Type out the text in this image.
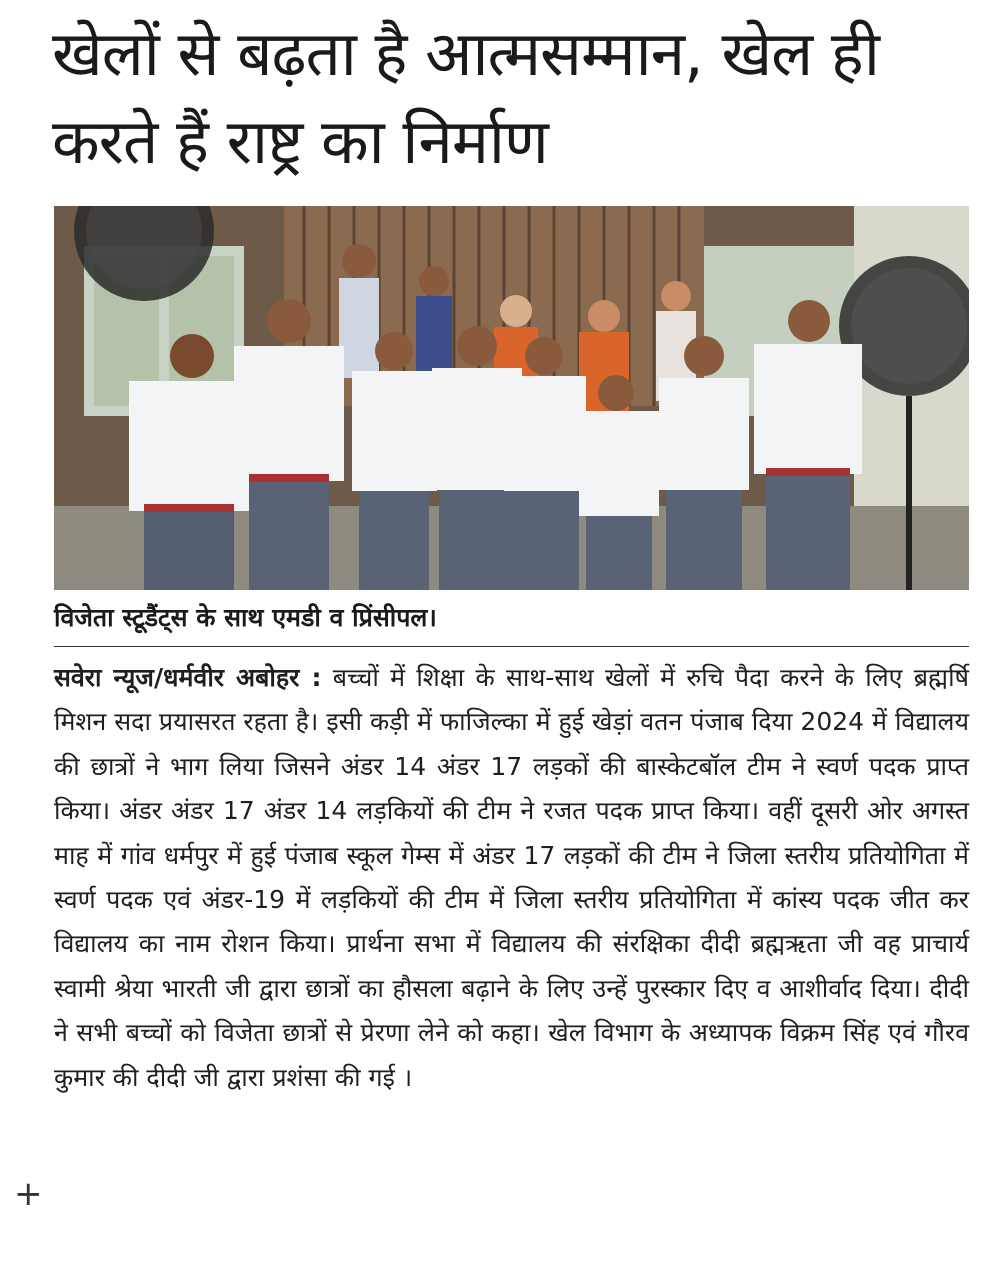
खेलों से बढ़ता है आत्मसम्मान, खेल ही करते हैं राष्ट्र का निर्माण

विजेता स्टूडैंट्स के साथ एमडी व प्रिंसीपल।

सवेरा न्यूज/धर्मवीर अबोहर : बच्चों में शिक्षा के साथ-साथ खेलों में रुचि पैदा करने के लिए ब्रह्मर्षि मिशन सदा प्रयासरत रहता है। इसी कड़ी में फाजिल्का में हुई खेड़ां वतन पंजाब दिया 2024 में विद्यालय की छात्रों ने भाग लिया जिसने अंडर 14 अंडर 17 लड़कों की बास्केटबॉल टीम ने स्वर्ण पदक प्राप्त किया। अंडर अंडर 17 अंडर 14 लड़कियों की टीम ने रजत पदक प्राप्त किया। वहीं दूसरी ओर अगस्त माह में गांव धर्मपुर में हुई पंजाब स्कूल गेम्स में अंडर 17 लड़कों की टीम ने जिला स्तरीय प्रतियोगिता में स्वर्ण पदक एवं अंडर-19 में लड़कियों की टीम में जिला स्तरीय प्रतियोगिता में कांस्य पदक जीत कर विद्यालय का नाम रोशन किया। प्रार्थना सभा में विद्यालय की संरक्षिका दीदी ब्रह्मऋता जी वह प्राचार्य स्वामी श्रेया भारती जी द्वारा छात्रों का हौसला बढ़ाने के लिए उन्हें पुरस्कार दिए व आशीर्वाद दिया। दीदी ने सभी बच्चों को विजेता छात्रों से प्रेरणा लेने को कहा। खेल विभाग के अध्यापक विक्रम सिंह एवं गौरव कुमार की दीदी जी द्वारा प्रशंसा की गई ।

+
